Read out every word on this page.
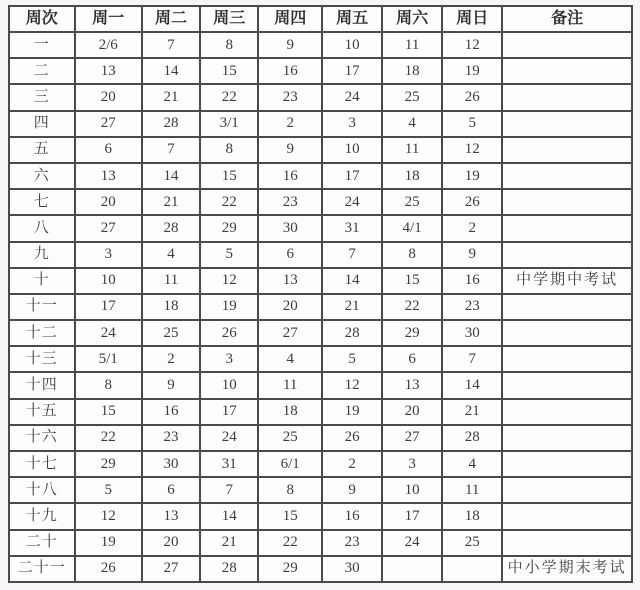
周次	周一	周二	周三	周四	周五	周六	周日	备注
一	2/6	7	8	9	10	11	12	
二	13	14	15	16	17	18	19	
三	20	21	22	23	24	25	26	
四	27	28	3/1	2	3	4	5	
五	6	7	8	9	10	11	12	
六	13	14	15	16	17	18	19	
七	20	21	22	23	24	25	26	
八	27	28	29	30	31	4/1	2	
九	3	4	5	6	7	8	9	
十	10	11	12	13	14	15	16	中学期中考试
十一	17	18	19	20	21	22	23	
十二	24	25	26	27	28	29	30	
十三	5/1	2	3	4	5	6	7	
十四	8	9	10	11	12	13	14	
十五	15	16	17	18	19	20	21	
十六	22	23	24	25	26	27	28	
十七	29	30	31	6/1	2	3	4	
十八	5	6	7	8	9	10	11	
十九	12	13	14	15	16	17	18	
二十	19	20	21	22	23	24	25	
二十一	26	27	28	29	30			中小学期末考试
